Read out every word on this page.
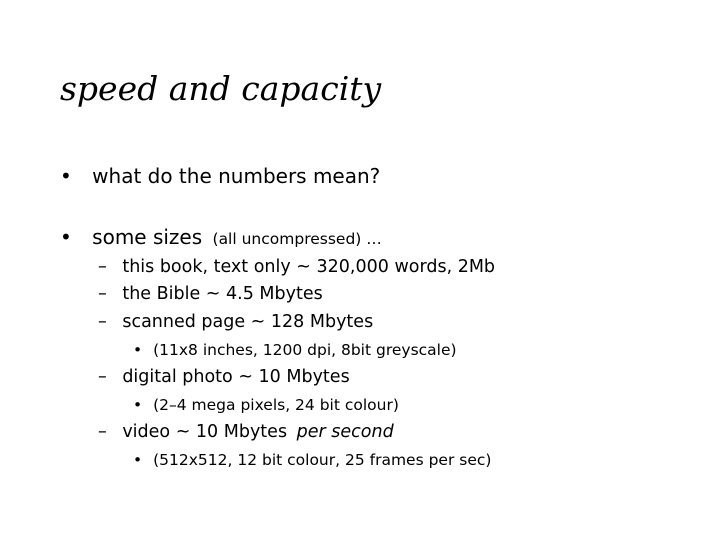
speed and capacity
• what do the numbers mean?
• some sizes (all uncompressed) …
– this book, text only ~ 320,000 words, 2Mb
– the Bible ~ 4.5 Mbytes
– scanned page ~ 128 Mbytes
• (11x8 inches, 1200 dpi, 8bit greyscale)
– digital photo ~ 10 Mbytes
• (2–4 mega pixels, 24 bit colour)
– video ~ 10 Mbytes per second
• (512x512, 12 bit colour, 25 frames per sec)
